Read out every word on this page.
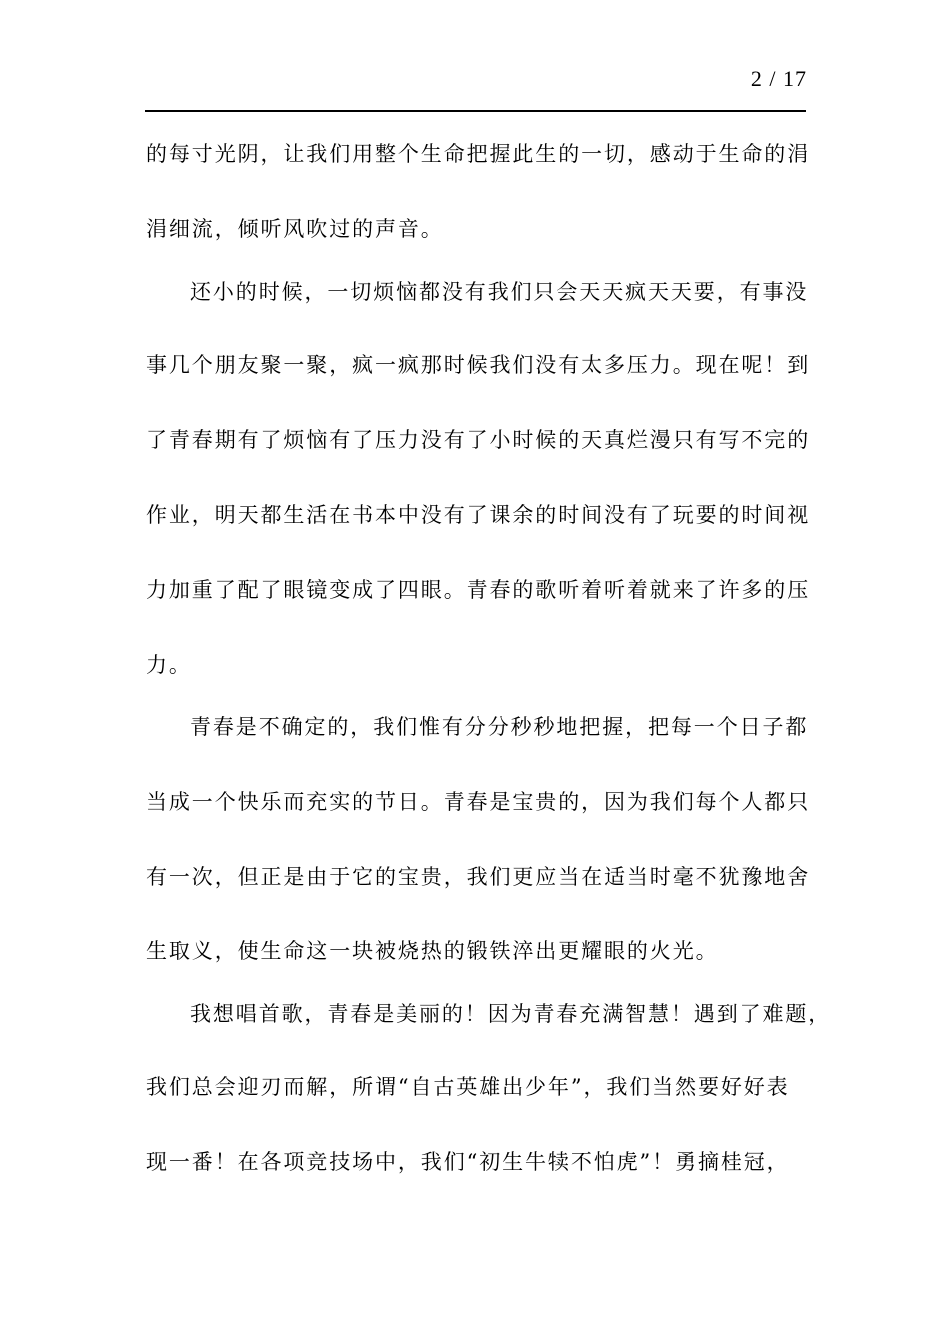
2 / 17
的每寸光阴，让我们用整个生命把握此生的一切，感动于生命的涓
涓细流，倾听风吹过的声音。
还小的时候，一切烦恼都没有我们只会天天疯天天要，有事没
事几个朋友聚一聚，疯一疯那时候我们没有太多压力。现在呢！到
了青春期有了烦恼有了压力没有了小时候的天真烂漫只有写不完的
作业，明天都生活在书本中没有了课余的时间没有了玩要的时间视
力加重了配了眼镜变成了四眼。青春的歌听着听着就来了许多的压
力。
青春是不确定的，我们惟有分分秒秒地把握，把每一个日子都
当成一个快乐而充实的节日。青春是宝贵的，因为我们每个人都只
有一次，但正是由于它的宝贵，我们更应当在适当时毫不犹豫地舍
生取义，使生命这一块被烧热的锻铁淬出更耀眼的火光。
我想唱首歌，青春是美丽的！因为青春充满智慧！遇到了难题，
我们总会迎刃而解，所谓“自古英雄出少年”，我们当然要好好表
现一番！在各项竞技场中，我们“初生牛犊不怕虎”！勇摘桂冠，
